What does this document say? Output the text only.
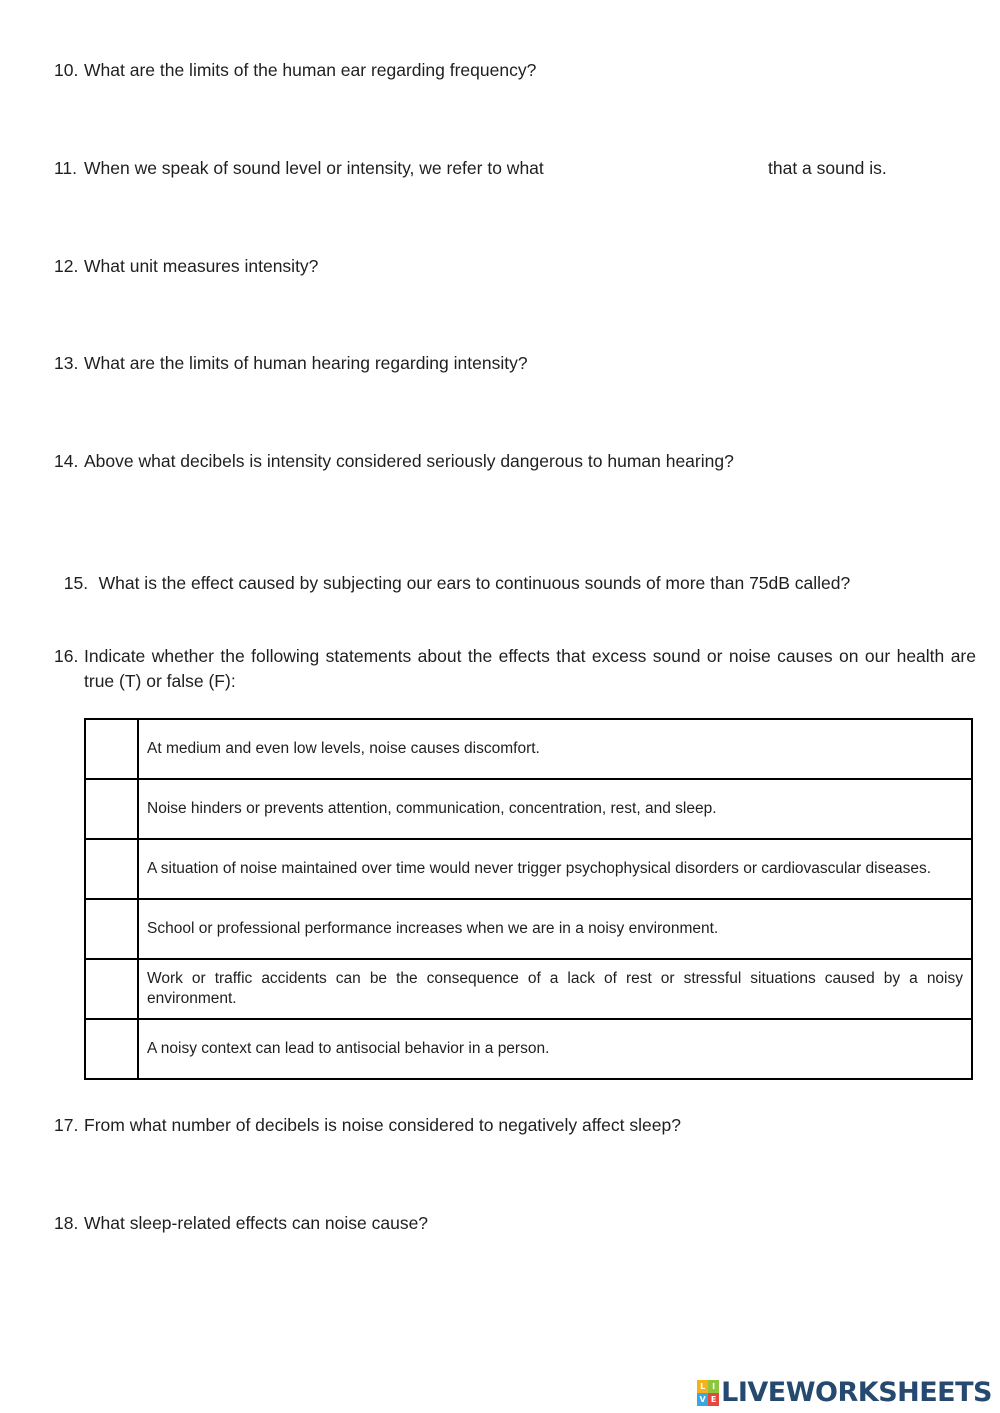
10. What are the limits of the human ear regarding frequency?
11. When we speak of sound level or intensity, we refer to what	that a sound is.
12. What unit measures intensity?
13. What are the limits of human hearing regarding intensity?
14. Above what decibels is intensity considered seriously dangerous to human hearing?

15. What is the effect caused by subjecting our ears to continuous sounds of more than 75dB called?

16. Indicate whether the following statements about the effects that excess sound or noise causes on our health are true (T) or false (F):
	At medium and even low levels, noise causes discomfort.
	Noise hinders or prevents attention, communication, concentration, rest, and sleep.
	A situation of noise maintained over time would never trigger psychophysical disorders or cardiovascular diseases.
	School or professional performance increases when we are in a noisy environment.
	Work or traffic accidents can be the consequence of a lack of rest or stressful situations caused by a noisy environment.
	A noisy context can lead to antisocial behavior in a person.
17. From what number of decibels is noise considered to negatively affect sleep?
18. What sleep-related effects can noise cause?
L I
V E LIVEWORKSHEETS
